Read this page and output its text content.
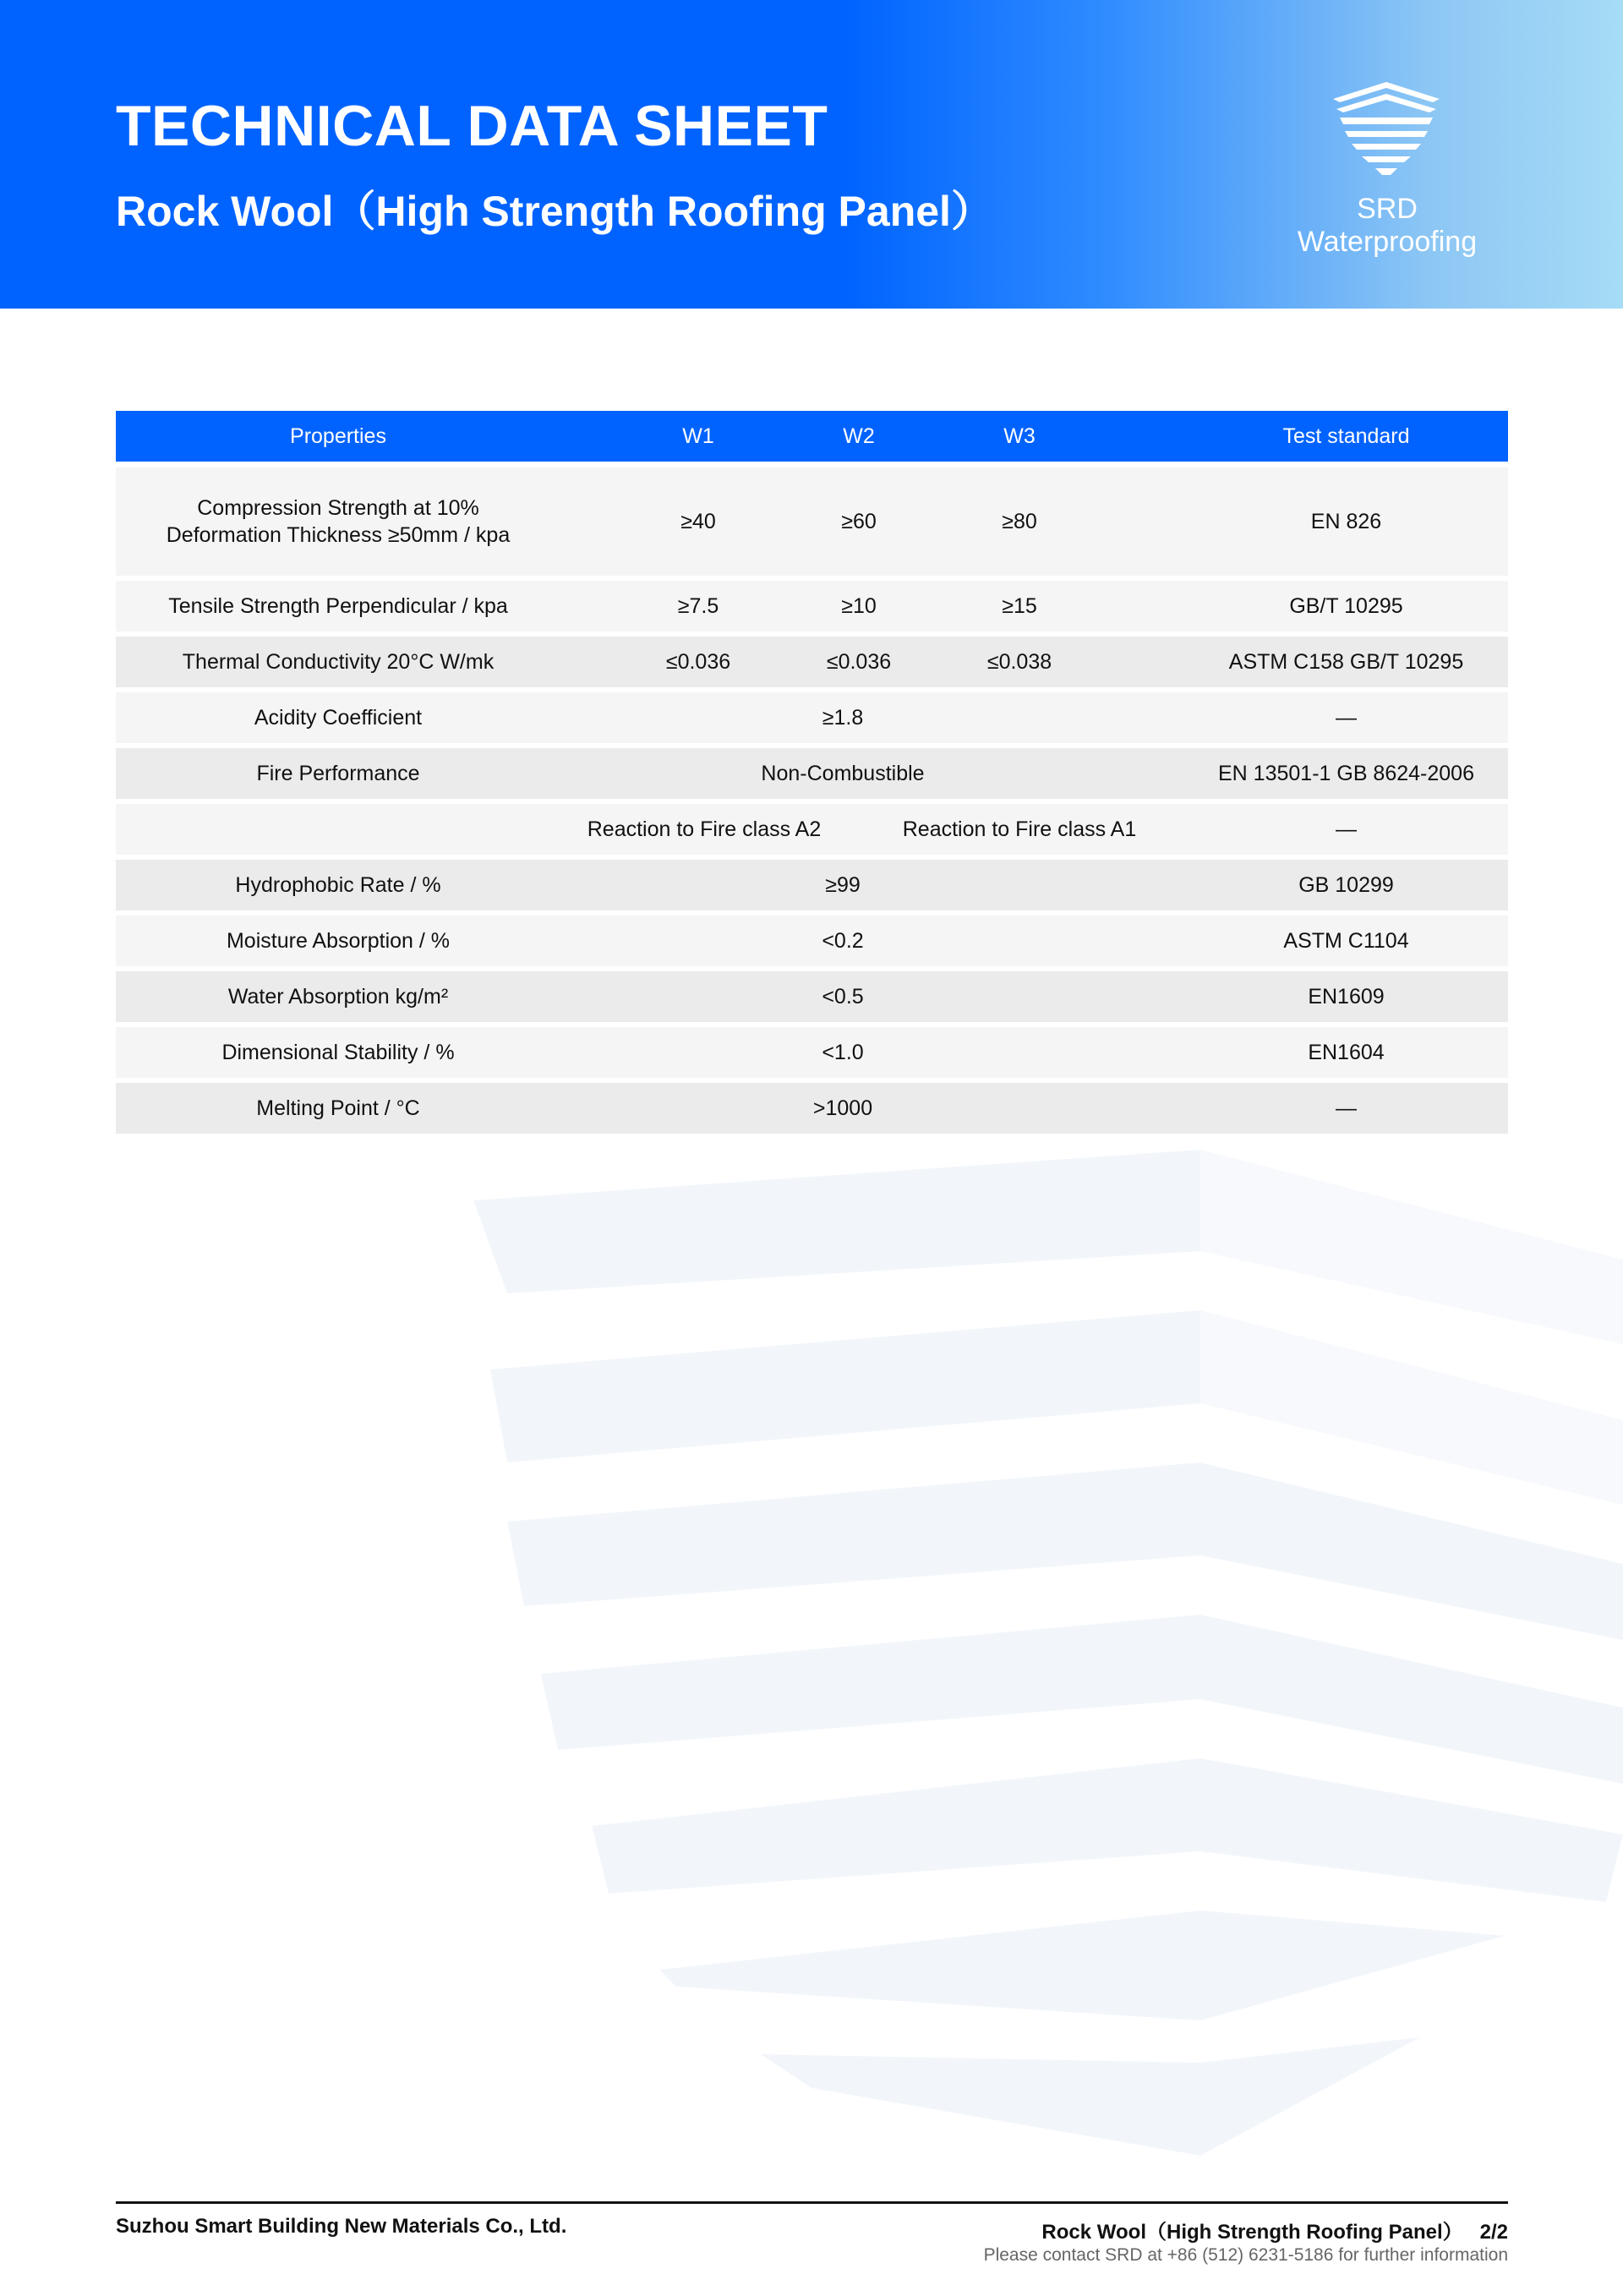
TECHNICAL DATA SHEET
Rock Wool（High Strength Roofing Panel）	SRD Waterproofing
Properties	W1	W2	W3	Test standard
Compression Strength at 10%
Deformation Thickness ≥50mm / kpa
≥40	≥60	≥80	EN 826
Tensile Strength Perpendicular / kpa	≥7.5	≥10	≥15	GB/T 10295
Thermal Conductivity 20°C W/mk	≤0.036	≤0.036	≤0.038	ASTM C158 GB/T 10295
Acidity Coefficient	≥1.8	—
Fire Performance	Non-Combustible	EN 13501-1 GB 8624-2006
Reaction to Fire class A2	Reaction to Fire class A1	—
Hydrophobic Rate / %	≥99	GB 10299
Moisture Absorption / %	<0.2	ASTM C1104
Water Absorption kg/m²	<0.5	EN1609
Dimensional Stability / %	<1.0	EN1604
Melting Point / °C	>1000	—
Suzhou Smart Building New Materials Co., Ltd.	Rock Wool（High Strength Roofing Panel）   2/2
Please contact SRD at +86 (512) 6231-5186 for further information
